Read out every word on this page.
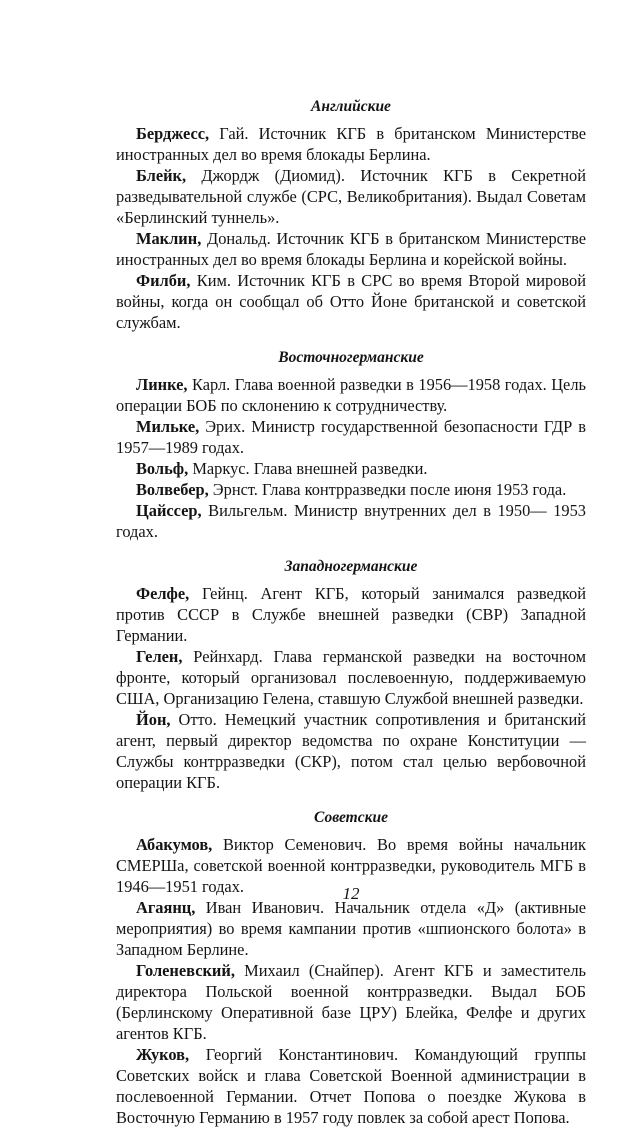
Английские

Берджесс, Гай. Источник КГБ в британском Министерстве иностранных дел во время блокады Берлина.

Блейк, Джордж (Диомид). Источник КГБ в Секретной разведывательной службе (СРС, Великобритания). Выдал Советам «Берлинский туннель».

Маклин, Дональд. Источник КГБ в британском Министерстве иностранных дел во время блокады Берлина и корейской войны.

Филби, Ким. Источник КГБ в СРС во время Второй мировой войны, когда он сообщал об Отто Йоне британской и советской службам.

Восточногерманские

Линке, Карл. Глава военной разведки в 1956—1958 годах. Цель операции БОБ по склонению к сотрудничеству.

Мильке, Эрих. Министр государственной безопасности ГДР в 1957—1989 годах.

Вольф, Маркус. Глава внешней разведки.

Волвебер, Эрнст. Глава контрразведки после июня 1953 года.

Цайссер, Вильгельм. Министр внутренних дел в 1950— 1953 годах.

Западногерманские

Фелфе, Гейнц. Агент КГБ, который занимался разведкой против СССР в Службе внешней разведки (СВР) Западной Германии.

Гелен, Рейнхард. Глава германской разведки на восточном фронте, который организовал послевоенную, поддерживаемую США, Организацию Гелена, ставшую Службой внешней разведки.

Йон, Отто. Немецкий участник сопротивления и британский агент, первый директор ведомства по охране Конституции — Службы контрразведки (СКР), потом стал целью вербовочной операции КГБ.

Советские

Абакумов, Виктор Семенович. Во время войны начальник СМЕРШа, советской военной контрразведки, руководитель МГБ в 1946—1951 годах.

Агаянц, Иван Иванович. Начальник отдела «Д» (активные мероприятия) во время кампании против «шпионского болота» в Западном Берлине.

Голеневский, Михаил (Снайпер). Агент КГБ и заместитель директора Польской военной контрразведки. Выдал БОБ (Берлинскому Оперативной базе ЦРУ) Блейка, Фелфе и других агентов КГБ.

Жуков, Георгий Константинович. Командующий группы Советских войск и глава Советской Военной администрации в послевоенной Германии. Отчет Попова о поездке Жукова в Восточную Германию в 1957 году повлек за собой арест Попова.

12
